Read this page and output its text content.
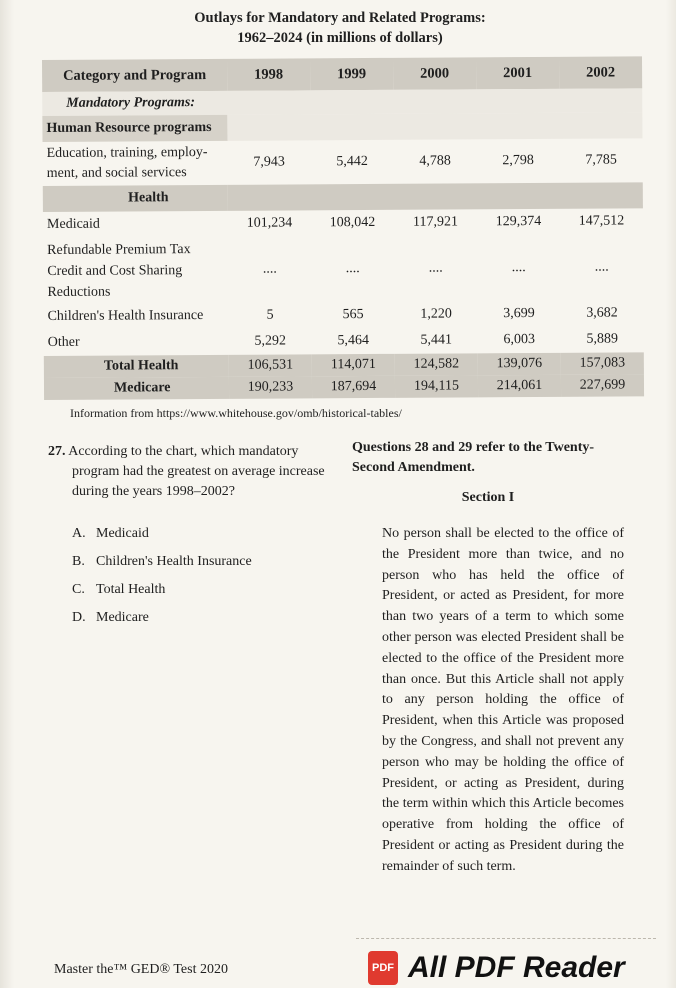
Outlays for Mandatory and Related Programs:
1962–2024 (in millions of dollars)
Category and Program	1998	1999	2000	2001	2002
Mandatory Programs:					
Human Resource programs					
Education, training, employ-
ment, and social services	7,943	5,442	4,788	2,798	7,785
Health					
Medicaid	101,234	108,042	117,921	129,374	147,512
Refundable Premium Tax
Credit and Cost Sharing
Reductions	....	....	....	....	....
Children's Health Insurance	5	565	1,220	3,699	3,682
Other	5,292	5,464	5,441	6,003	5,889
Total Health	106,531	114,071	124,582	139,076	157,083
Medicare	190,233	187,694	194,115	214,061	227,699
Information from https://www.whitehouse.gov/omb/historical-tables/
27. According to the chart, which mandatory program had the greatest on average increase during the years 1998–2002?
A. Medicaid
B. Children's Health Insurance
C. Total Health
D. Medicare
Questions 28 and 29 refer to the Twenty-Second Amendment.
Section I
No person shall be elected to the office of the President more than twice, and no person who has held the office of President, or acted as President, for more than two years of a term to which some other person was elected President shall be elected to the office of the President more than once. But this Article shall not apply to any person holding the office of President, when this Article was proposed by the Congress, and shall not prevent any person who may be holding the office of President, or acting as President, during the term within which this Article becomes operative from holding the office of President or acting as President during the remainder of such term.
Master the™ GED® Test 2020	PDF All PDF Reader
